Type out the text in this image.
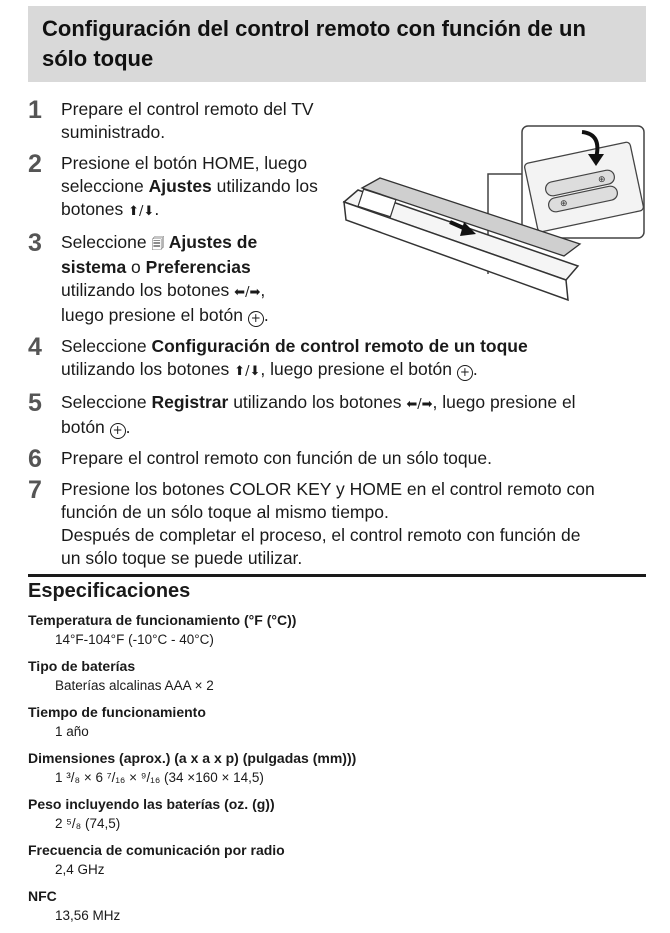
Configuración del control remoto con función de un sólo toque
⊕
⊕
1 Prepare el control remoto del TV
suministrado.
2 Presione el botón HOME, luego
seleccione Ajustes utilizando los
botones ⬆/⬇.
3 Seleccione 🗐 Ajustes de
sistema o Preferencias
utilizando los botones ⬅/➡,
luego presione el botón + .
4 Seleccione Configuración de control remoto de un toque
utilizando los botones ⬆/⬇, luego presione el botón + .
5 Seleccione Registrar utilizando los botones ⬅/➡, luego presione el
botón + .
6 Prepare el control remoto con función de un sólo toque.
7 Presione los botones COLOR KEY y HOME en el control remoto con
función de un sólo toque al mismo tiempo.
Después de completar el proceso, el control remoto con función de
un sólo toque se puede utilizar.
Especificaciones
Temperatura de funcionamiento (°F (°C))
14°F-104°F (-10°C - 40°C)
Tipo de baterías
Baterías alcalinas AAA × 2
Tiempo de funcionamiento
1 año
Dimensiones (aprox.) (a x a x p) (pulgadas (mm)))
1 ³/₈ × 6 ⁷/₁₆ × ⁹/₁₆ (34 ×160 × 14,5)
Peso incluyendo las baterías (oz. (g))
2 ⁵/₈ (74,5)
Frecuencia de comunicación por radio
2,4 GHz
NFC
13,56 MHz
